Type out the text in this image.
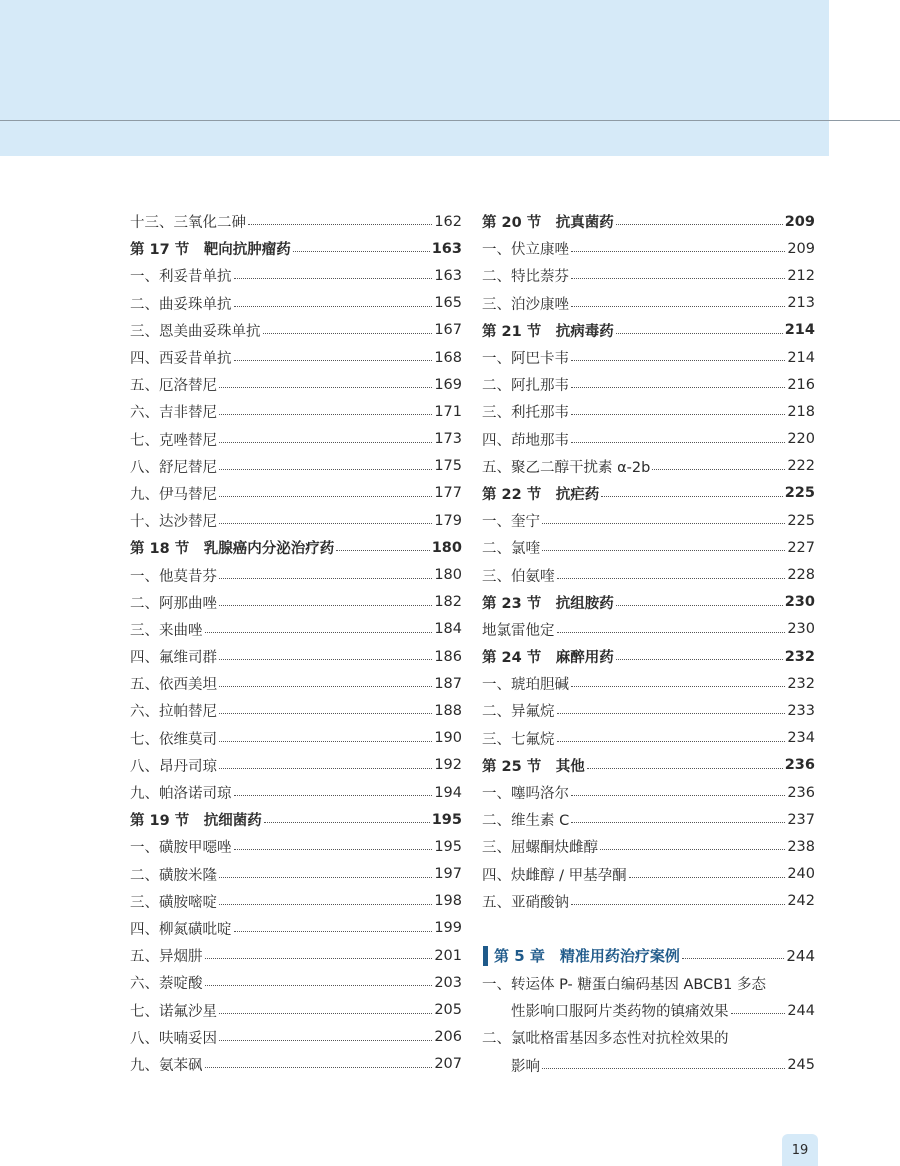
十三、三氧化二砷	162
第 17 节　靶向抗肿瘤药	163
一、利妥昔单抗	163
二、曲妥珠单抗	165
三、恩美曲妥珠单抗	167
四、西妥昔单抗	168
五、厄洛替尼	169
六、吉非替尼	171
七、克唑替尼	173
八、舒尼替尼	175
九、伊马替尼	177
十、达沙替尼	179
第 18 节　乳腺癌内分泌治疗药	180
一、他莫昔芬	180
二、阿那曲唑	182
三、来曲唑	184
四、氟维司群	186
五、依西美坦	187
六、拉帕替尼	188
七、依维莫司	190
八、昂丹司琼	192
九、帕洛诺司琼	194
第 19 节　抗细菌药	195
一、磺胺甲噁唑	195
二、磺胺米隆	197
三、磺胺嘧啶	198
四、柳氮磺吡啶	199
五、异烟肼	201
六、萘啶酸	203
七、诺氟沙星	205
八、呋喃妥因	206
九、氨苯砜	207
第 20 节　抗真菌药	209
一、伏立康唑	209
二、特比萘芬	212
三、泊沙康唑	213
第 21 节　抗病毒药	214
一、阿巴卡韦	214
二、阿扎那韦	216
三、利托那韦	218
四、茚地那韦	220
五、聚乙二醇干扰素 α-2b	222
第 22 节　抗疟药	225
一、奎宁	225
二、氯喹	227
三、伯氨喹	228
第 23 节　抗组胺药	230
地氯雷他定	230
第 24 节　麻醉用药	232
一、琥珀胆碱	232
二、异氟烷	233
三、七氟烷	234
第 25 节　其他	236
一、噻吗洛尔	236
二、维生素 C	237
三、屈螺酮炔雌醇	238
四、炔雌醇 / 甲基孕酮	240
五、亚硝酸钠	242
第 5 章　精准用药治疗案例	244
一、转运体 P- 糖蛋白编码基因 ABCB1 多态
性影响口服阿片类药物的镇痛效果	244
二、氯吡格雷基因多态性对抗栓效果的
影响	245
19
